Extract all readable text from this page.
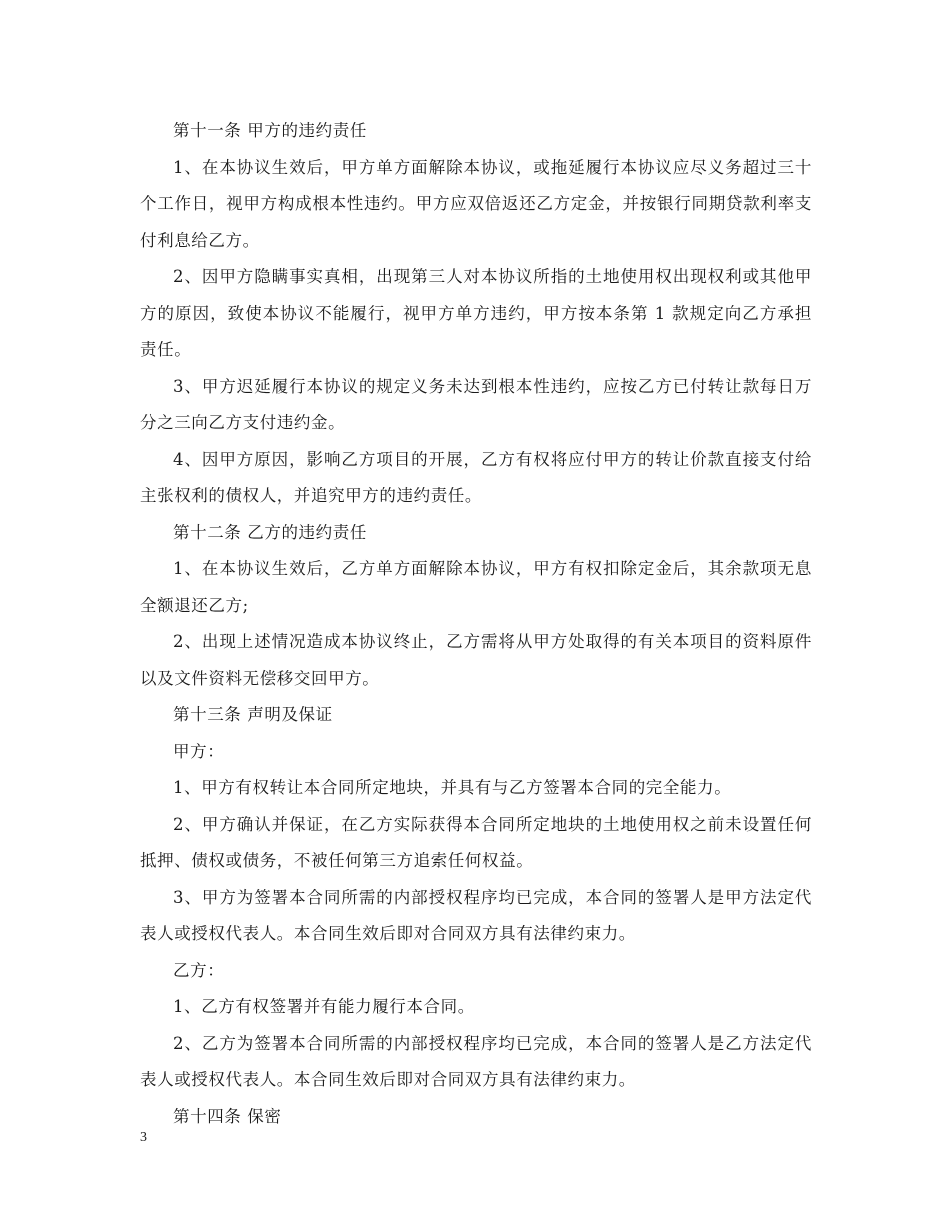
第十一条 甲方的违约责任

1、在本协议生效后，甲方单方面解除本协议，或拖延履行本协议应尽义务超过三十个工作日，视甲方构成根本性违约。甲方应双倍返还乙方定金，并按银行同期贷款利率支付利息给乙方。

2、因甲方隐瞒事实真相，出现第三人对本协议所指的土地使用权出现权利或其他甲方的原因，致使本协议不能履行，视甲方单方违约，甲方按本条第 1 款规定向乙方承担责任。

3、甲方迟延履行本协议的规定义务未达到根本性违约，应按乙方已付转让款每日万分之三向乙方支付违约金。

4、因甲方原因，影响乙方项目的开展，乙方有权将应付甲方的转让价款直接支付给主张权利的债权人，并追究甲方的违约责任。

第十二条 乙方的违约责任

1、在本协议生效后，乙方单方面解除本协议，甲方有权扣除定金后，其余款项无息全额退还乙方;

2、出现上述情况造成本协议终止，乙方需将从甲方处取得的有关本项目的资料原件以及文件资料无偿移交回甲方。

第十三条 声明及保证

甲方：

1、甲方有权转让本合同所定地块，并具有与乙方签署本合同的完全能力。

2、甲方确认并保证，在乙方实际获得本合同所定地块的土地使用权之前未设置任何抵押、债权或债务，不被任何第三方追索任何权益。

3、甲方为签署本合同所需的内部授权程序均已完成，本合同的签署人是甲方法定代表人或授权代表人。本合同生效后即对合同双方具有法律约束力。

乙方：

1、乙方有权签署并有能力履行本合同。

2、乙方为签署本合同所需的内部授权程序均已完成，本合同的签署人是乙方法定代表人或授权代表人。本合同生效后即对合同双方具有法律约束力。

第十四条 保密

3
